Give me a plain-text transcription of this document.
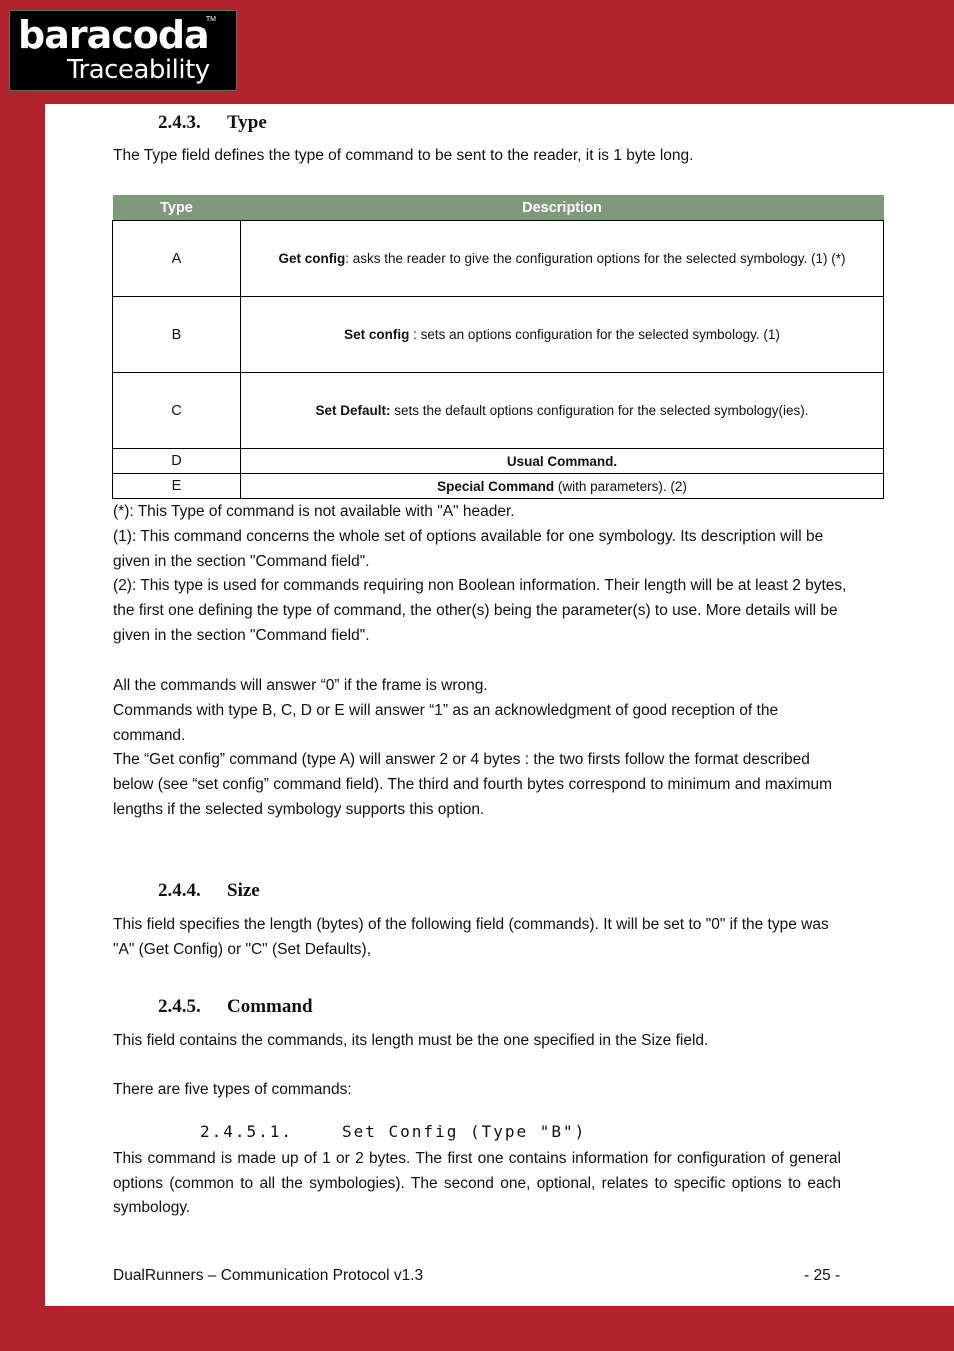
baracoda
TM
Traceability
2.4.3. Type
The Type field defines the type of command to be sent to the reader, it is 1 byte long.
Type	Description
A	Get config: asks the reader to give the configuration options for the selected symbology. (1) (*)
B	Set config : sets an options configuration for the selected symbology. (1)
C	Set Default: sets the default options configuration for the selected symbology(ies).
D	Usual Command.
E	Special Command (with parameters). (2)

(*): This Type of command is not available with "A" header.

(1): This command concerns the whole set of options available for one symbology. Its description will be given in the section "Command field".

(2): This type is used for commands requiring non Boolean information. Their length will be at least 2 bytes, the first one defining the type of command, the other(s) being the parameter(s) to use. More details will be given in the section "Command field".

All the commands will answer “0” if the frame is wrong.

Commands with type B, C, D or E will answer “1” as an acknowledgment of good reception of the command.

The “Get config” command (type A) will answer 2 or 4 bytes : the two firsts follow the format described below (see “set config” command field). The third and fourth bytes correspond to minimum and maximum lengths if the selected symbology supports this option.

2.4.4. Size
This field specifies the length (bytes) of the following field (commands). It will be set to "0" if the type was "A" (Get Config) or "C" (Set Defaults),
2.4.5. Command
This field contains the commands, its length must be the one specified in the Size field.
There are five types of commands:
2.4.5.1.	Set Config (Type "B")
This command is made up of 1 or 2 bytes. The first one contains information for configuration of general options (common to all the symbologies). The second one, optional, relates to specific options to each symbology.
DualRunners – Communication Protocol v1.3	- 25 -
